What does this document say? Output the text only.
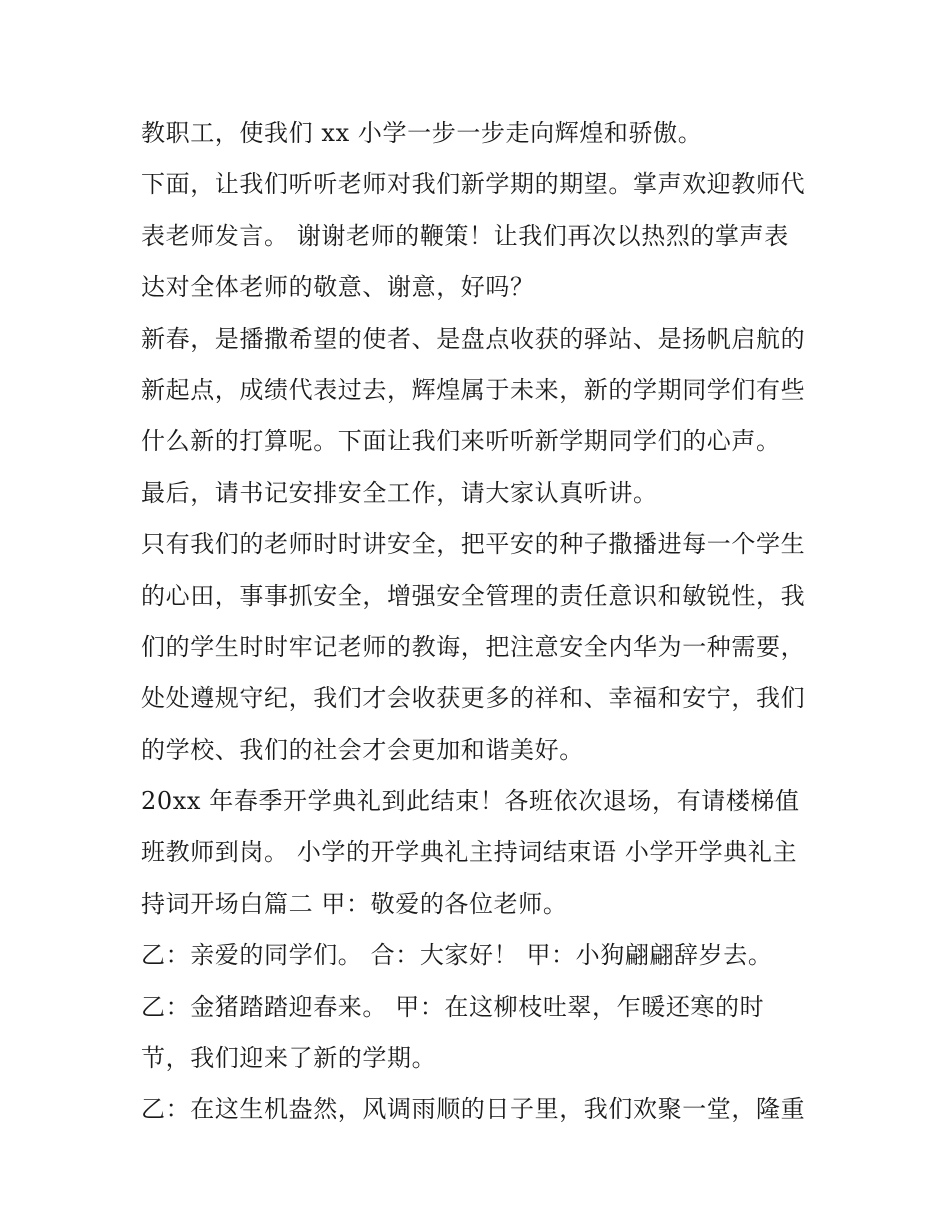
教职工，使我们 xx 小学一步一步走向辉煌和骄傲。
下面，让我们听听老师对我们新学期的期望。掌声欢迎教师代
表老师发言。 谢谢老师的鞭策！让我们再次以热烈的掌声表
达对全体老师的敬意、谢意，好吗？
新春，是播撒希望的使者、是盘点收获的驿站、是扬帆启航的
新起点，成绩代表过去，辉煌属于未来，新的学期同学们有些
什么新的打算呢。下面让我们来听听新学期同学们的心声。
最后，请书记安排安全工作，请大家认真听讲。
只有我们的老师时时讲安全，把平安的种子撒播进每一个学生
的心田，事事抓安全，增强安全管理的责任意识和敏锐性，我
们的学生时时牢记老师的教诲，把注意安全内华为一种需要，
处处遵规守纪，我们才会收获更多的祥和、幸福和安宁，我们
的学校、我们的社会才会更加和谐美好。
20xx 年春季开学典礼到此结束！各班依次退场，有请楼梯值
班教师到岗。 小学的开学典礼主持词结束语 小学开学典礼主
持词开场白篇二 甲：敬爱的各位老师。
乙：亲爱的同学们。 合：大家好！ 甲：小狗翩翩辞岁去。
乙：金猪踏踏迎春来。 甲：在这柳枝吐翠，乍暖还寒的时
节，我们迎来了新的学期。
乙：在这生机盎然，风调雨顺的日子里，我们欢聚一堂，隆重
